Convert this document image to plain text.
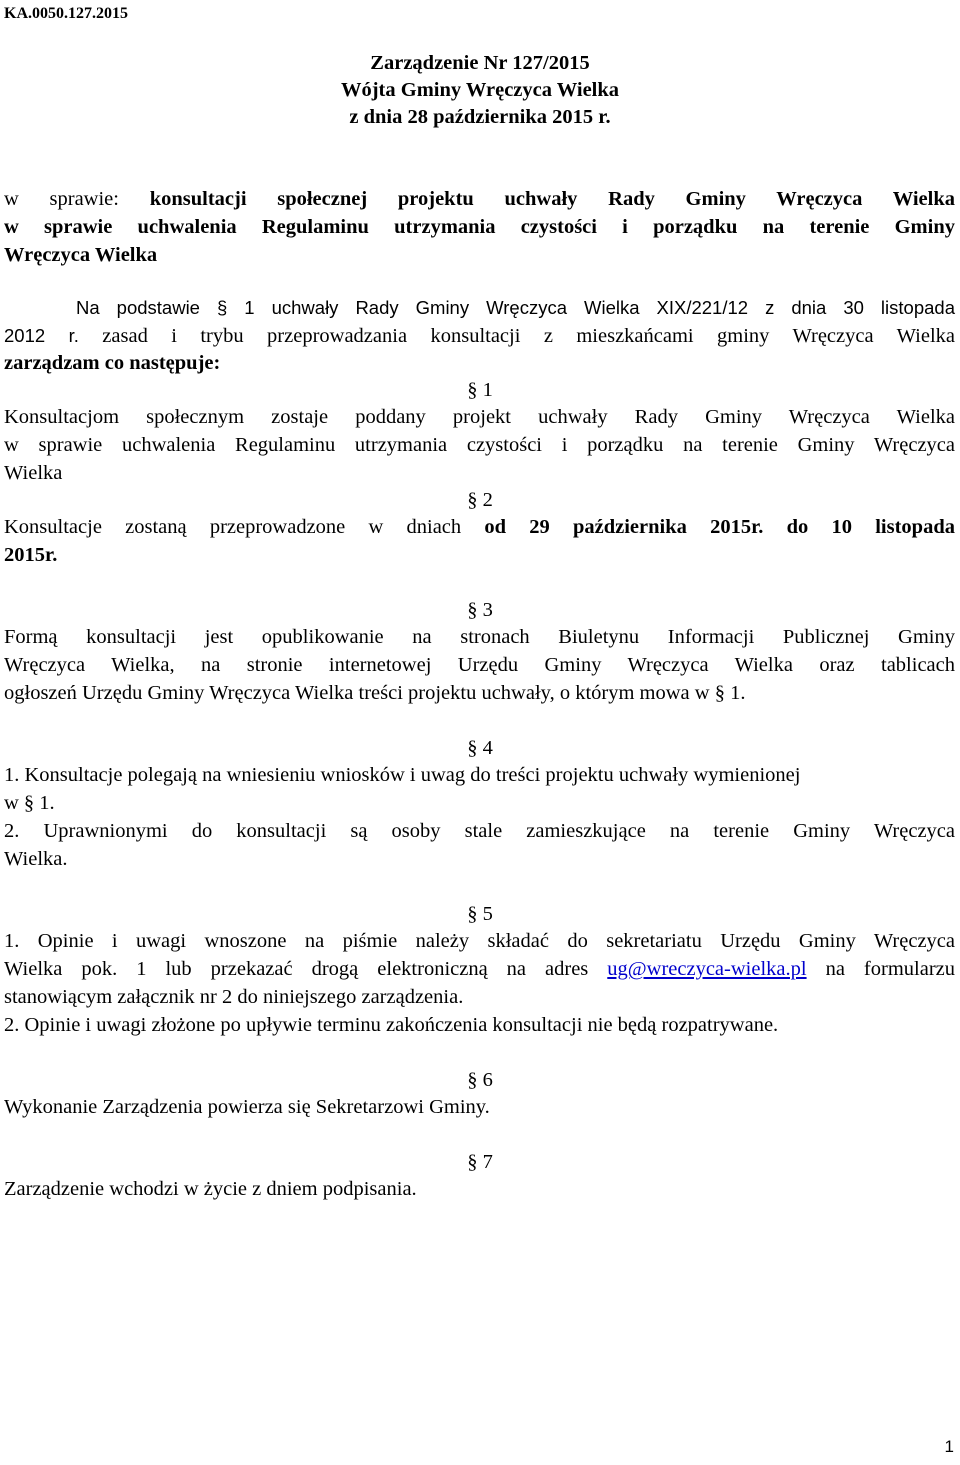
KA.0050.127.2015
Zarządzenie Nr 127/2015
Wójta Gminy Wręczyca Wielka
z dnia 28 października 2015 r.
w sprawie: konsultacji społecznej projektu uchwały Rady Gminy Wręczyca Wielka
w sprawie uchwalenia Regulaminu utrzymania czystości i porządku na terenie Gminy
Wręczyca Wielka
Na podstawie § 1 uchwały Rady Gminy Wręczyca Wielka XIX/221/12 z dnia 30 listopada
2012 r. zasad i trybu przeprowadzania konsultacji z mieszkańcami gminy Wręczyca Wielka
zarządzam co następuje:
§ 1
Konsultacjom społecznym zostaje poddany projekt uchwały Rady Gminy Wręczyca Wielka
w sprawie uchwalenia Regulaminu utrzymania czystości i porządku na terenie Gminy Wręczyca
Wielka
§ 2
Konsultacje zostaną przeprowadzone w dniach od 29 października 2015r. do 10 listopada
2015r.
§ 3
Formą konsultacji jest opublikowanie na stronach Biuletynu Informacji Publicznej Gminy
Wręczyca Wielka, na stronie internetowej Urzędu Gminy Wręczyca Wielka oraz tablicach
ogłoszeń Urzędu Gminy Wręczyca Wielka treści projektu uchwały, o którym mowa w § 1.
§ 4
1. Konsultacje polegają na wniesieniu wniosków i uwag do treści projektu uchwały wymienionej
w § 1.
2. Uprawnionymi do konsultacji są osoby stale zamieszkujące na terenie Gminy Wręczyca
Wielka.
§ 5
1. Opinie i uwagi wnoszone na piśmie należy składać do sekretariatu Urzędu Gminy Wręczyca
Wielka pok. 1 lub przekazać drogą elektroniczną na adres ug@wreczyca-wielka.pl na formularzu
stanowiącym załącznik nr 2 do niniejszego zarządzenia.
2. Opinie i uwagi złożone po upływie terminu zakończenia konsultacji nie będą rozpatrywane.
§ 6
Wykonanie Zarządzenia powierza się Sekretarzowi Gminy.
§ 7
Zarządzenie wchodzi w życie z dniem podpisania.
1
